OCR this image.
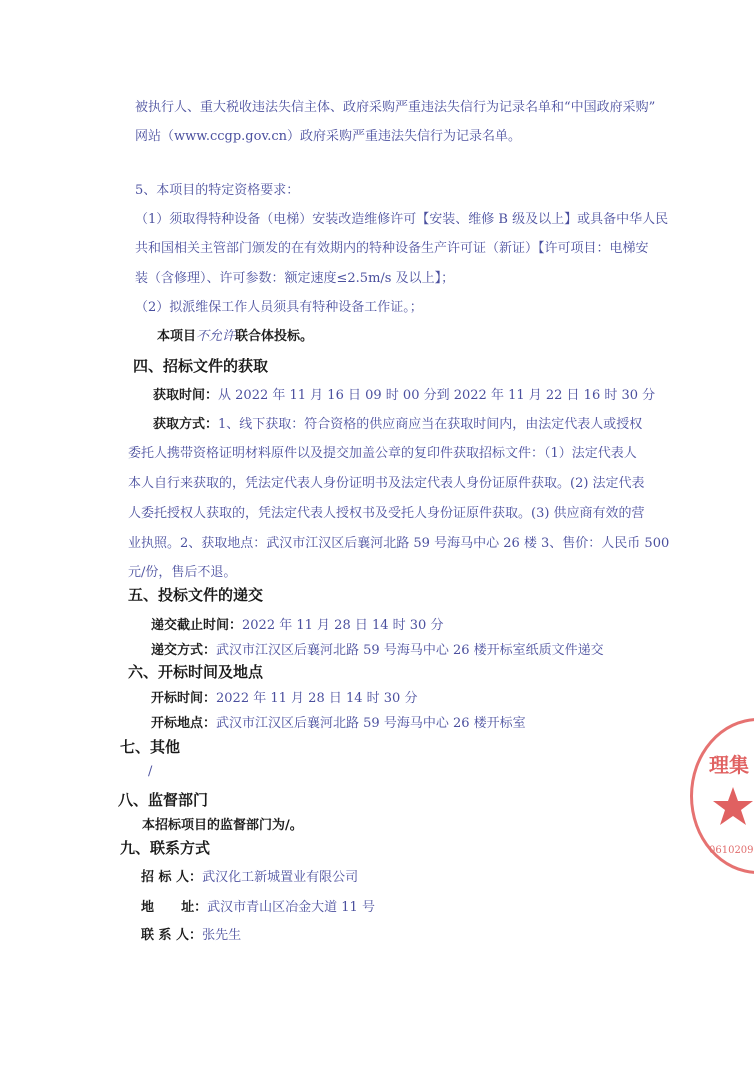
被执行人、重大税收违法失信主体、政府采购严重违法失信行为记录名单和“中国政府采购”
网站（www.ccgp.gov.cn）政府采购严重违法失信行为记录名单。
5、本项目的特定资格要求：
（1）须取得特种设备（电梯）安装改造维修许可【安装、维修 B 级及以上】或具备中华人民
共和国相关主管部门颁发的在有效期内的特种设备生产许可证（新证）【许可项目：电梯安
装（含修理）、许可参数：额定速度≤2.5m/s 及以上】；
（2）拟派维保工作人员须具有特种设备工作证。；
本项目不允许联合体投标。
四、招标文件的获取
获取时间：从 2022 年 11 月 16 日 09 时 00 分到 2022 年 11 月 22 日 16 时 30 分
获取方式：1、线下获取：符合资格的供应商应当在获取时间内，由法定代表人或授权
委托人携带资格证明材料原件以及提交加盖公章的复印件获取招标文件：（1）法定代表人
本人自行来获取的，凭法定代表人身份证明书及法定代表人身份证原件获取。(2) 法定代表
人委托授权人获取的，凭法定代表人授权书及受托人身份证原件获取。(3) 供应商有效的营
业执照。2、获取地点：武汉市江汉区后襄河北路 59 号海马中心 26 楼 3、售价：人民币 500
元/份，售后不退。
五、投标文件的递交
递交截止时间：2022 年 11 月 28 日 14 时 30 分
递交方式：武汉市江汉区后襄河北路 59 号海马中心 26 楼开标室纸质文件递交
六、开标时间及地点
开标时间：2022 年 11 月 28 日 14 时 30 分
开标地点：武汉市江汉区后襄河北路 59 号海马中心 26 楼开标室
七、其他
/
八、监督部门
本招标项目的监督部门为/。
九、联系方式
招 标 人：武汉化工新城置业有限公司
地      址：武汉市青山区冶金大道 11 号
联 系 人：张先生
理集
0610209
